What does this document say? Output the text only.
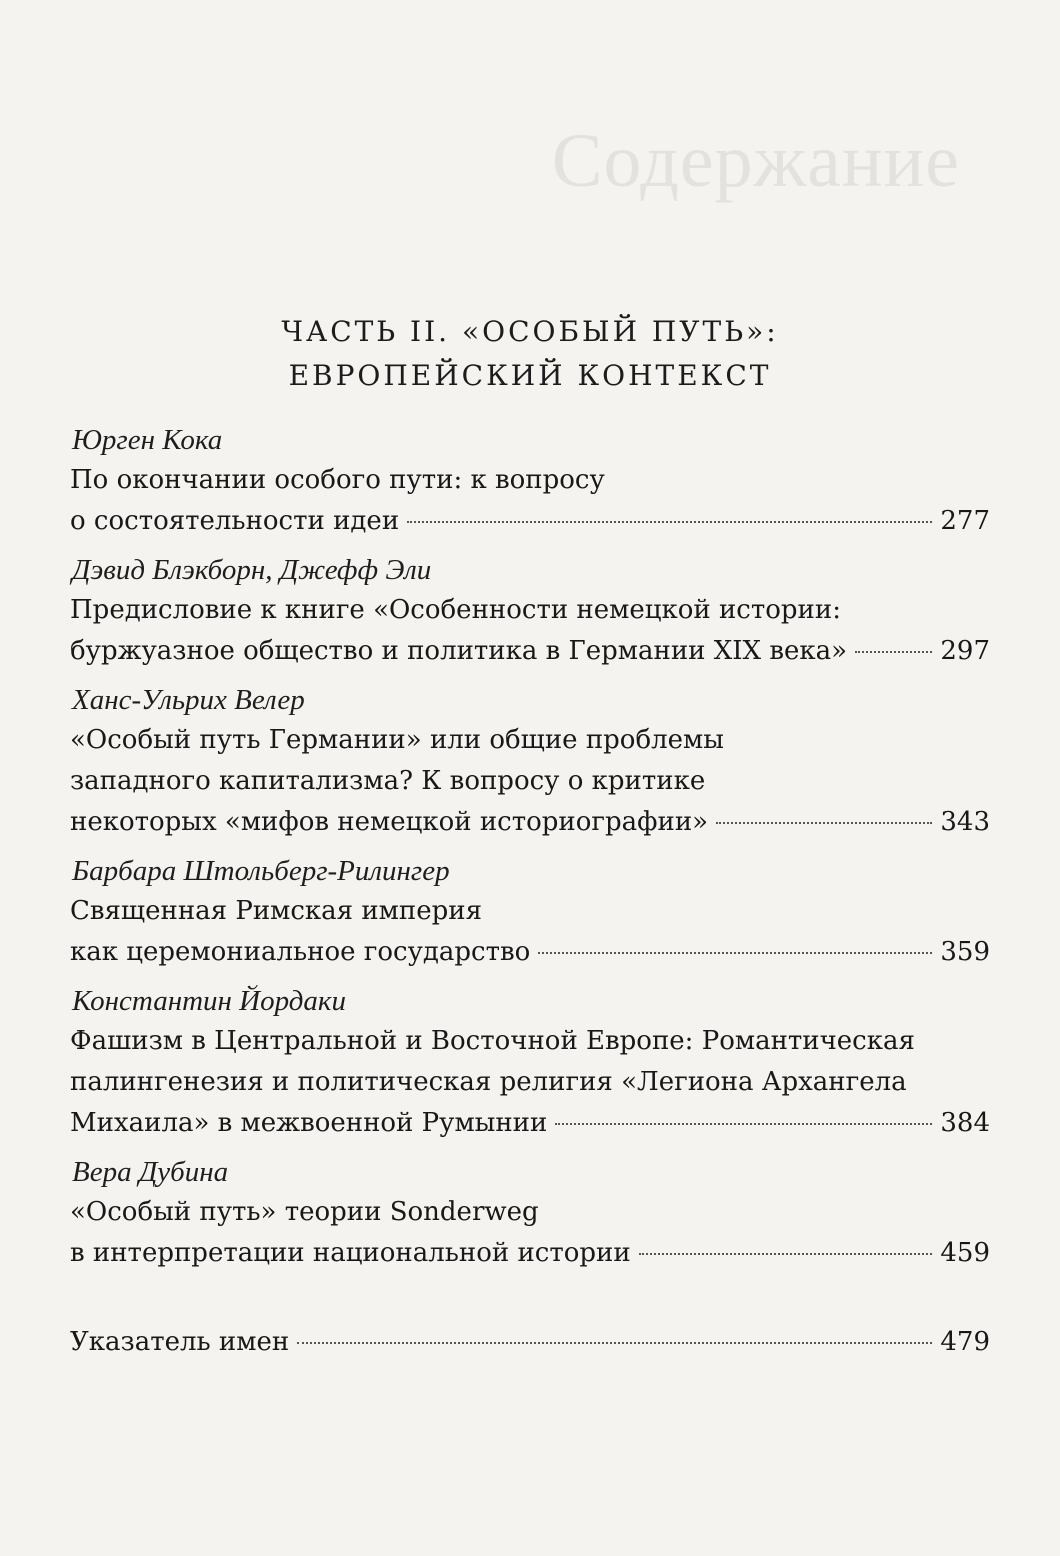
Содержание
ЧАСТЬ II. «ОСОБЫЙ ПУТЬ»:
ЕВРОПЕЙСКИЙ КОНТЕКСТ
Юрген Кока
По окончании особого пути: к вопросу
о состоятельности идеи	277
Дэвид Блэкборн, Джефф Эли
Предисловие к книге «Особенности немецкой истории:
буржуазное общество и политика в Германии XIX века»	297
Ханс-Ульрих Велер
«Особый путь Германии» или общие проблемы
западного капитализма? К вопросу о критике
некоторых «мифов немецкой историографии»	343
Барбара Штольберг-Рилингер
Священная Римская империя
как церемониальное государство	359
Константин Йордаки
Фашизм в Центральной и Восточной Европе: Романтическая
палингенезия и политическая религия «Легиона Архангела
Михаила» в межвоенной Румынии	384
Вера Дубина
«Особый путь» теории Sonderweg
в интерпретации национальной истории	459
Указатель имен	479
